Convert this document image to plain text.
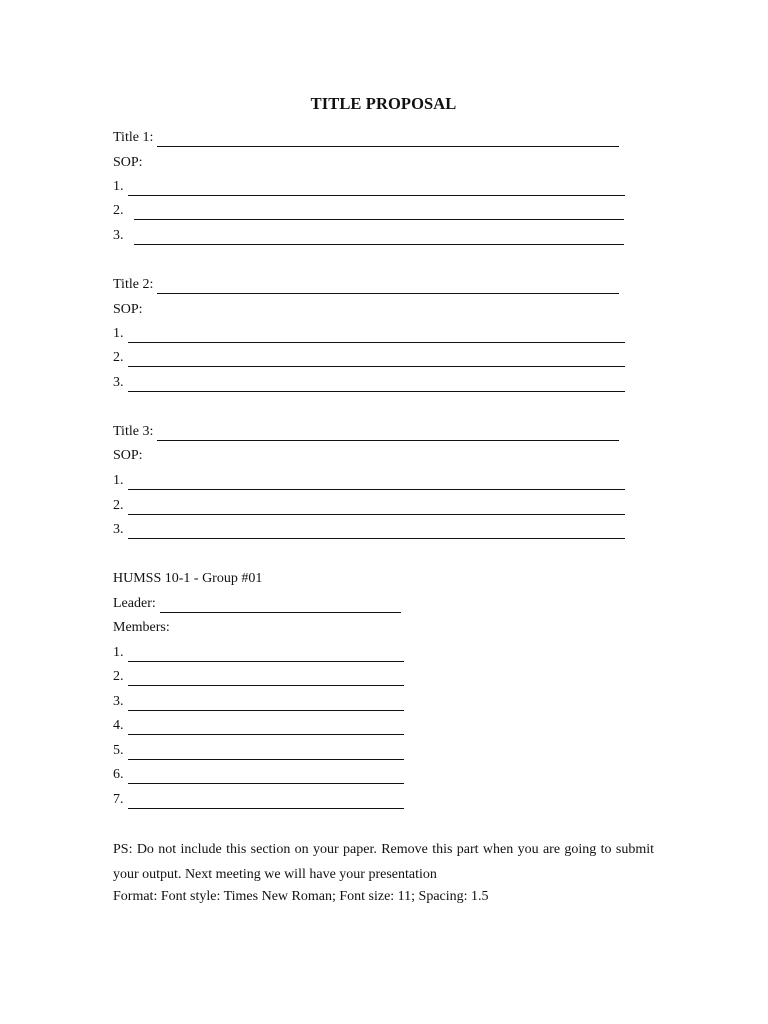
TITLE PROPOSAL
Title 1:
SOP:
1.
2.
3.
Title 2:
SOP:
1.
2.
3.
Title 3:
SOP:
1.
2.
3.
HUMSS 10-1 - Group #01
Leader:
Members:
1.
2.
3.
4.
5.
6.
7.

PS: Do not include this section on your paper. Remove this part when you are going to submit your output. Next meeting we will have your presentation

Format: Font style: Times New Roman; Font size: 11; Spacing: 1.5
